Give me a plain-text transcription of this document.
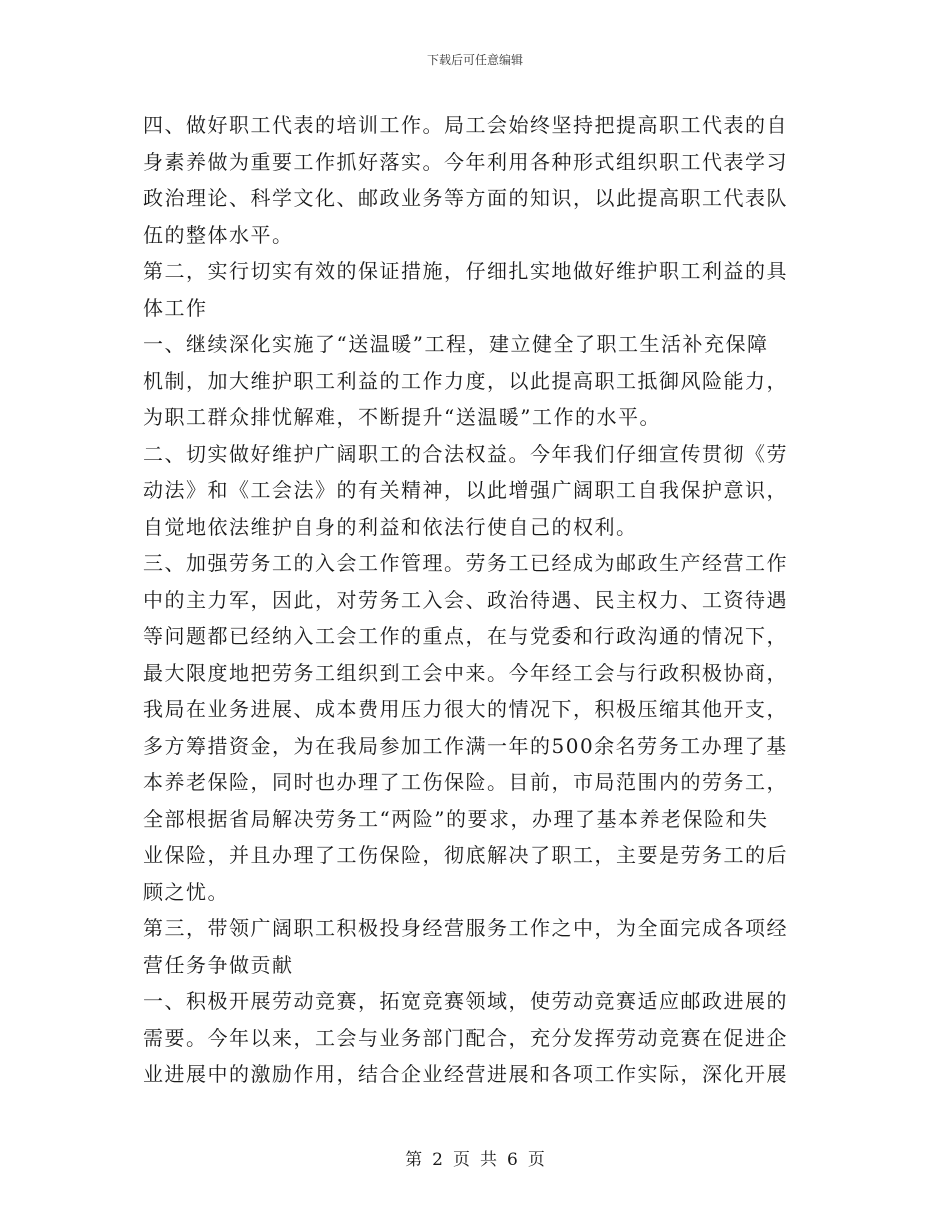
下载后可任意编辑
四、做好职工代表的培训工作。局工会始终坚持把提高职工代表的自
身素养做为重要工作抓好落实。今年利用各种形式组织职工代表学习
政治理论、科学文化、邮政业务等方面的知识，以此提高职工代表队
伍的整体水平。
第二，实行切实有效的保证措施，仔细扎实地做好维护职工利益的具
体工作
一、继续深化实施了“送温暖”工程，建立健全了职工生活补充保障
机制，加大维护职工利益的工作力度，以此提高职工抵御风险能力，
为职工群众排忧解难，不断提升“送温暖”工作的水平。
二、切实做好维护广阔职工的合法权益。今年我们仔细宣传贯彻《劳
动法》和《工会法》的有关精神，以此增强广阔职工自我保护意识，
自觉地依法维护自身的利益和依法行使自己的权利。
三、加强劳务工的入会工作管理。劳务工已经成为邮政生产经营工作
中的主力军，因此，对劳务工入会、政治待遇、民主权力、工资待遇
等问题都已经纳入工会工作的重点，在与党委和行政沟通的情况下，
最大限度地把劳务工组织到工会中来。今年经工会与行政积极协商，
我局在业务进展、成本费用压力很大的情况下，积极压缩其他开支，
多方筹措资金，为在我局参加工作满一年的500余名劳务工办理了基
本养老保险，同时也办理了工伤保险。目前，市局范围内的劳务工，
全部根据省局解决劳务工“两险”的要求，办理了基本养老保险和失
业保险，并且办理了工伤保险，彻底解决了职工，主要是劳务工的后
顾之忧。
第三，带领广阔职工积极投身经营服务工作之中，为全面完成各项经
营任务争做贡献
一、积极开展劳动竞赛，拓宽竞赛领域，使劳动竞赛适应邮政进展的
需要。今年以来，工会与业务部门配合，充分发挥劳动竞赛在促进企
业进展中的激励作用，结合企业经营进展和各项工作实际，深化开展
第 2 页 共 6 页
